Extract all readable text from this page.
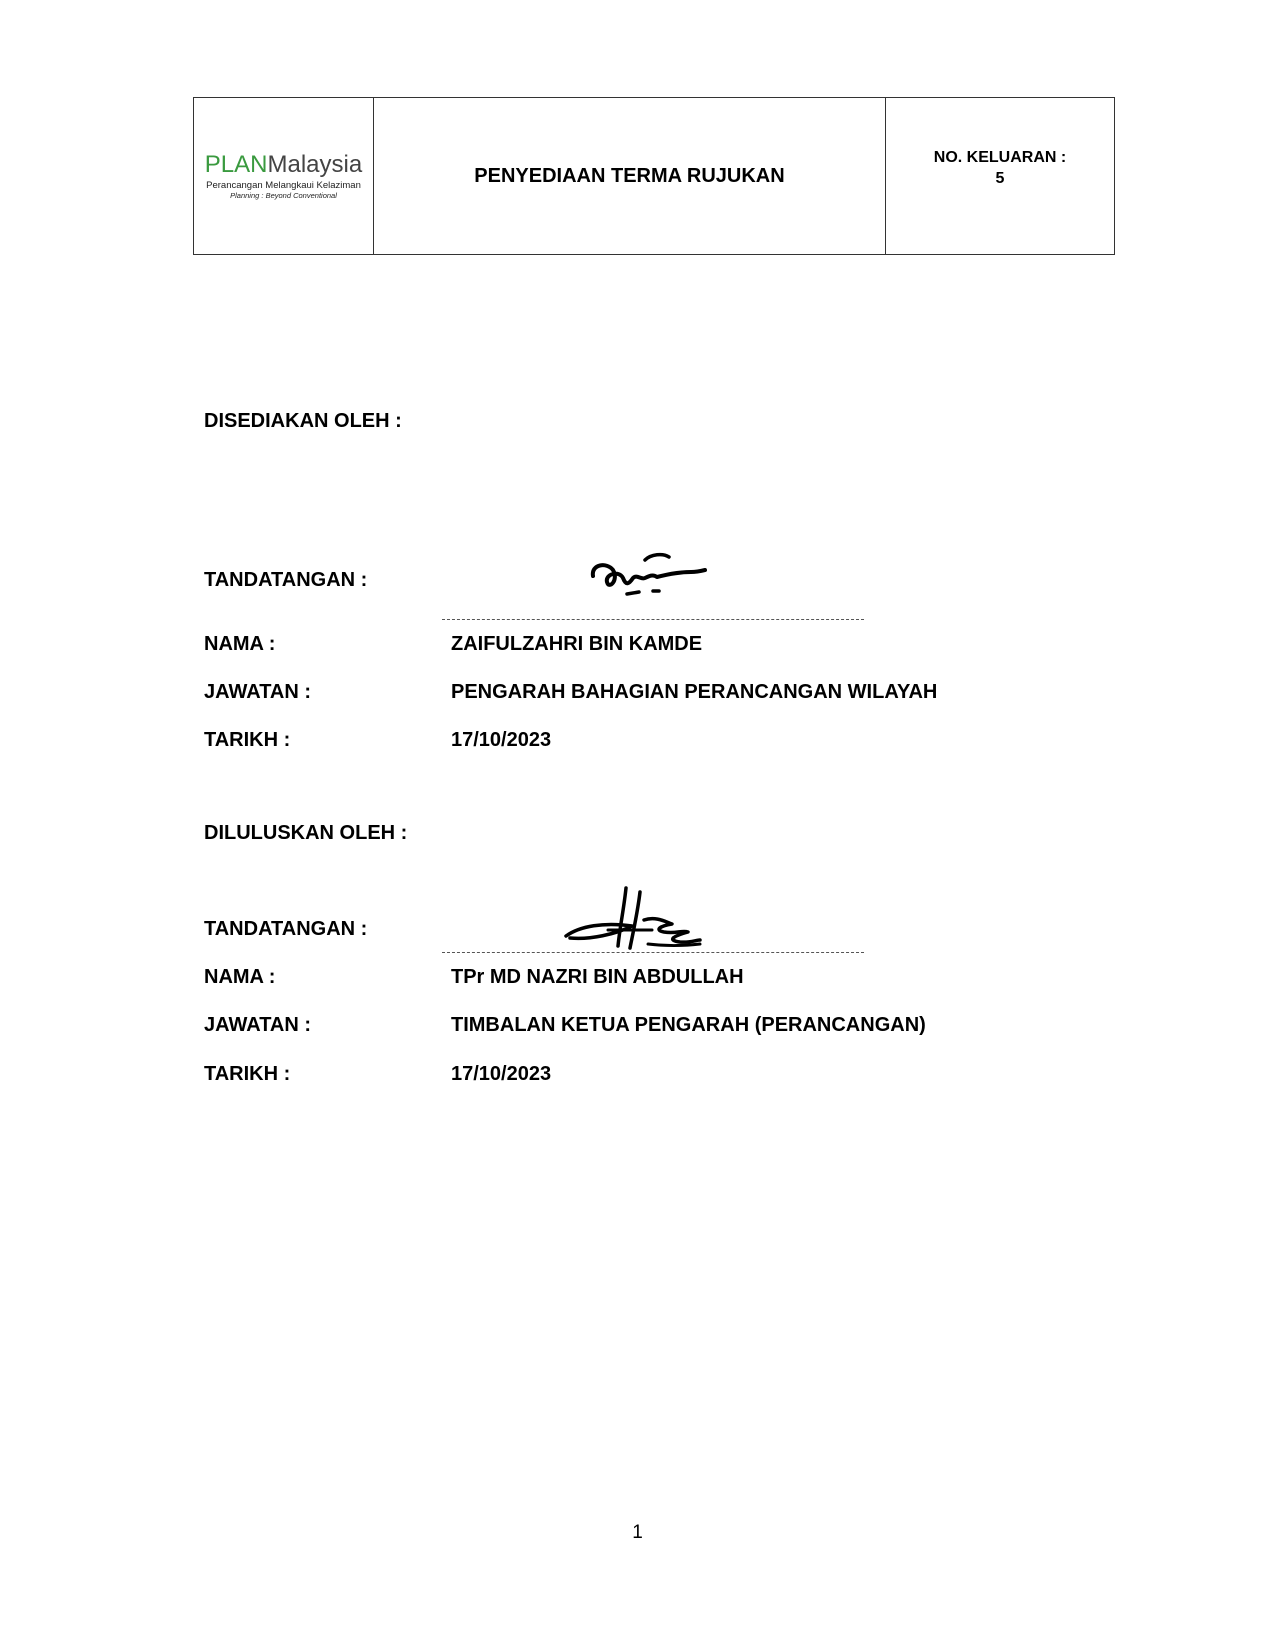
PLANMalaysia
Perancangan Melangkaui Kelaziman
Planning : Beyond Conventional
PENYEDIAAN TERMA RUJUKAN
NO. KELUARAN :
5
DISEDIAKAN OLEH :
TANDATANGAN :
NAMA :	ZAIFULZAHRI BIN KAMDE
JAWATAN :	PENGARAH BAHAGIAN PERANCANGAN WILAYAH
TARIKH :	17/10/2023
DILULUSKAN OLEH :
TANDATANGAN :
NAMA :	TPr MD NAZRI BIN ABDULLAH
JAWATAN :	TIMBALAN KETUA PENGARAH (PERANCANGAN)
TARIKH :	17/10/2023
1
